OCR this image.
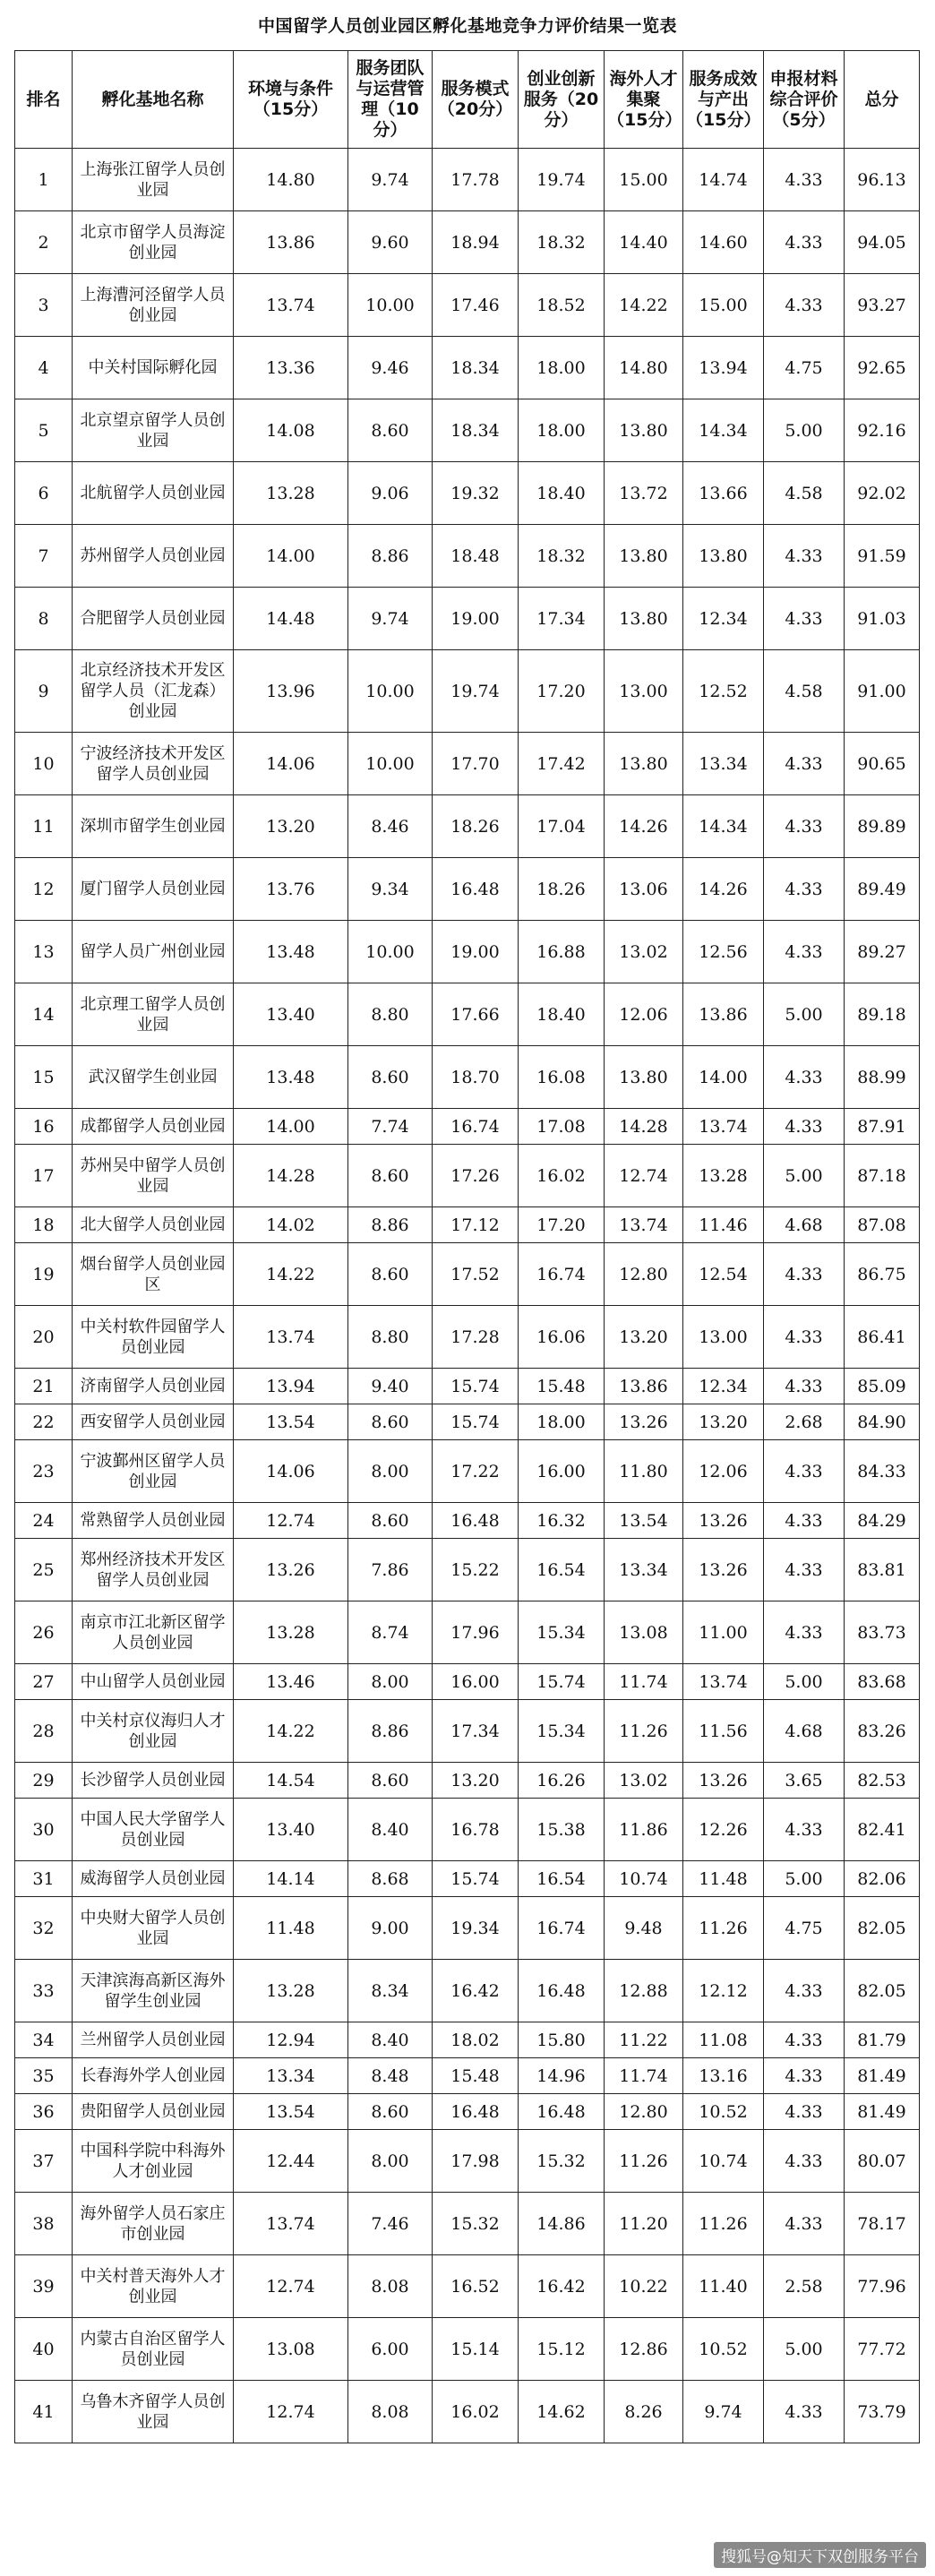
中国留学人员创业园区孵化基地竞争力评价结果一览表
排名	孵化基地名称	环境与条件（15分）	服务团队与运营管理（10分）	服务模式（20分）	创业创新服务（20分）	海外人才集聚（15分）	服务成效与产出（15分）	申报材料综合评价（5分）	总分
1	上海张江留学人员创业园	14.80	9.74	17.78	19.74	15.00	14.74	4.33	96.13
2	北京市留学人员海淀创业园	13.86	9.60	18.94	18.32	14.40	14.60	4.33	94.05
3	上海漕河泾留学人员创业园	13.74	10.00	17.46	18.52	14.22	15.00	4.33	93.27
4	中关村国际孵化园	13.36	9.46	18.34	18.00	14.80	13.94	4.75	92.65
5	北京望京留学人员创业园	14.08	8.60	18.34	18.00	13.80	14.34	5.00	92.16
6	北航留学人员创业园	13.28	9.06	19.32	18.40	13.72	13.66	4.58	92.02
7	苏州留学人员创业园	14.00	8.86	18.48	18.32	13.80	13.80	4.33	91.59
8	合肥留学人员创业园	14.48	9.74	19.00	17.34	13.80	12.34	4.33	91.03
9	北京经济技术开发区留学人员（汇龙森）创业园	13.96	10.00	19.74	17.20	13.00	12.52	4.58	91.00
10	宁波经济技术开发区留学人员创业园	14.06	10.00	17.70	17.42	13.80	13.34	4.33	90.65
11	深圳市留学生创业园	13.20	8.46	18.26	17.04	14.26	14.34	4.33	89.89
12	厦门留学人员创业园	13.76	9.34	16.48	18.26	13.06	14.26	4.33	89.49
13	留学人员广州创业园	13.48	10.00	19.00	16.88	13.02	12.56	4.33	89.27
14	北京理工留学人员创业园	13.40	8.80	17.66	18.40	12.06	13.86	5.00	89.18
15	武汉留学生创业园	13.48	8.60	18.70	16.08	13.80	14.00	4.33	88.99
16	成都留学人员创业园	14.00	7.74	16.74	17.08	14.28	13.74	4.33	87.91
17	苏州吴中留学人员创业园	14.28	8.60	17.26	16.02	12.74	13.28	5.00	87.18
18	北大留学人员创业园	14.02	8.86	17.12	17.20	13.74	11.46	4.68	87.08
19	烟台留学人员创业园区	14.22	8.60	17.52	16.74	12.80	12.54	4.33	86.75
20	中关村软件园留学人员创业园	13.74	8.80	17.28	16.06	13.20	13.00	4.33	86.41
21	济南留学人员创业园	13.94	9.40	15.74	15.48	13.86	12.34	4.33	85.09
22	西安留学人员创业园	13.54	8.60	15.74	18.00	13.26	13.20	2.68	84.90
23	宁波鄞州区留学人员创业园	14.06	8.00	17.22	16.00	11.80	12.06	4.33	84.33
24	常熟留学人员创业园	12.74	8.60	16.48	16.32	13.54	13.26	4.33	84.29
25	郑州经济技术开发区留学人员创业园	13.26	7.86	15.22	16.54	13.34	13.26	4.33	83.81
26	南京市江北新区留学人员创业园	13.28	8.74	17.96	15.34	13.08	11.00	4.33	83.73
27	中山留学人员创业园	13.46	8.00	16.00	15.74	11.74	13.74	5.00	83.68
28	中关村京仪海归人才创业园	14.22	8.86	17.34	15.34	11.26	11.56	4.68	83.26
29	长沙留学人员创业园	14.54	8.60	13.20	16.26	13.02	13.26	3.65	82.53
30	中国人民大学留学人员创业园	13.40	8.40	16.78	15.38	11.86	12.26	4.33	82.41
31	威海留学人员创业园	14.14	8.68	15.74	16.54	10.74	11.48	5.00	82.06
32	中央财大留学人员创业园	11.48	9.00	19.34	16.74	9.48	11.26	4.75	82.05
33	天津滨海高新区海外留学生创业园	13.28	8.34	16.42	16.48	12.88	12.12	4.33	82.05
34	兰州留学人员创业园	12.94	8.40	18.02	15.80	11.22	11.08	4.33	81.79
35	长春海外学人创业园	13.34	8.48	15.48	14.96	11.74	13.16	4.33	81.49
36	贵阳留学人员创业园	13.54	8.60	16.48	16.48	12.80	10.52	4.33	81.49
37	中国科学院中科海外人才创业园	12.44	8.00	17.98	15.32	11.26	10.74	4.33	80.07
38	海外留学人员石家庄市创业园	13.74	7.46	15.32	14.86	11.20	11.26	4.33	78.17
39	中关村普天海外人才创业园	12.74	8.08	16.52	16.42	10.22	11.40	2.58	77.96
40	内蒙古自治区留学人员创业园	13.08	6.00	15.14	15.12	12.86	10.52	5.00	77.72
41	乌鲁木齐留学人员创业园	12.74	8.08	16.02	14.62	8.26	9.74	4.33	73.79
搜狐号@知天下双创服务平台
